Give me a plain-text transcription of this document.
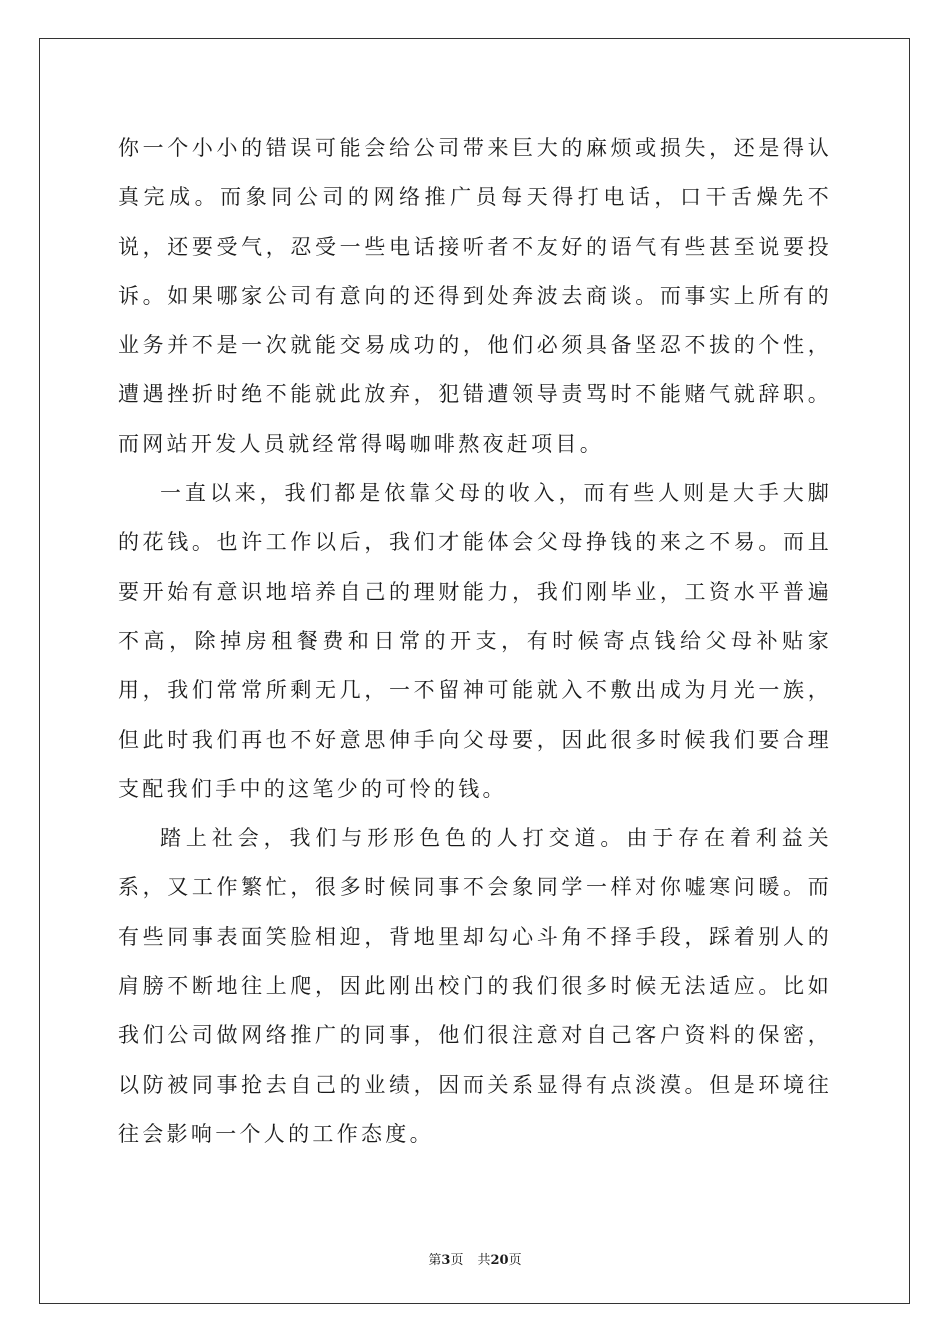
你一个小小的错误可能会给公司带来巨大的麻烦或损失，还是得认真完成。而象同公司的网络推广员每天得打电话，口干舌燥先不说，还要受气，忍受一些电话接听者不友好的语气有些甚至说要投诉。如果哪家公司有意向的还得到处奔波去商谈。而事实上所有的业务并不是一次就能交易成功的，他们必须具备坚忍不拔的个性，遭遇挫折时绝不能就此放弃，犯错遭领导责骂时不能赌气就辞职。而网站开发人员就经常得喝咖啡熬夜赶项目。

一直以来，我们都是依靠父母的收入，而有些人则是大手大脚的花钱。也许工作以后，我们才能体会父母挣钱的来之不易。而且要开始有意识地培养自己的理财能力，我们刚毕业，工资水平普遍不高，除掉房租餐费和日常的开支，有时候寄点钱给父母补贴家用，我们常常所剩无几，一不留神可能就入不敷出成为月光一族，但此时我们再也不好意思伸手向父母要，因此很多时候我们要合理支配我们手中的这笔少的可怜的钱。

踏上社会，我们与形形色色的人打交道。由于存在着利益关系，又工作繁忙，很多时候同事不会象同学一样对你嘘寒问暖。而有些同事表面笑脸相迎，背地里却勾心斗角不择手段，踩着别人的肩膀不断地往上爬，因此刚出校门的我们很多时候无法适应。比如我们公司做网络推广的同事，他们很注意对自己客户资料的保密，以防被同事抢去自己的业绩，因而关系显得有点淡漠。但是环境往往会影响一个人的工作态度。

第3页 共20页
